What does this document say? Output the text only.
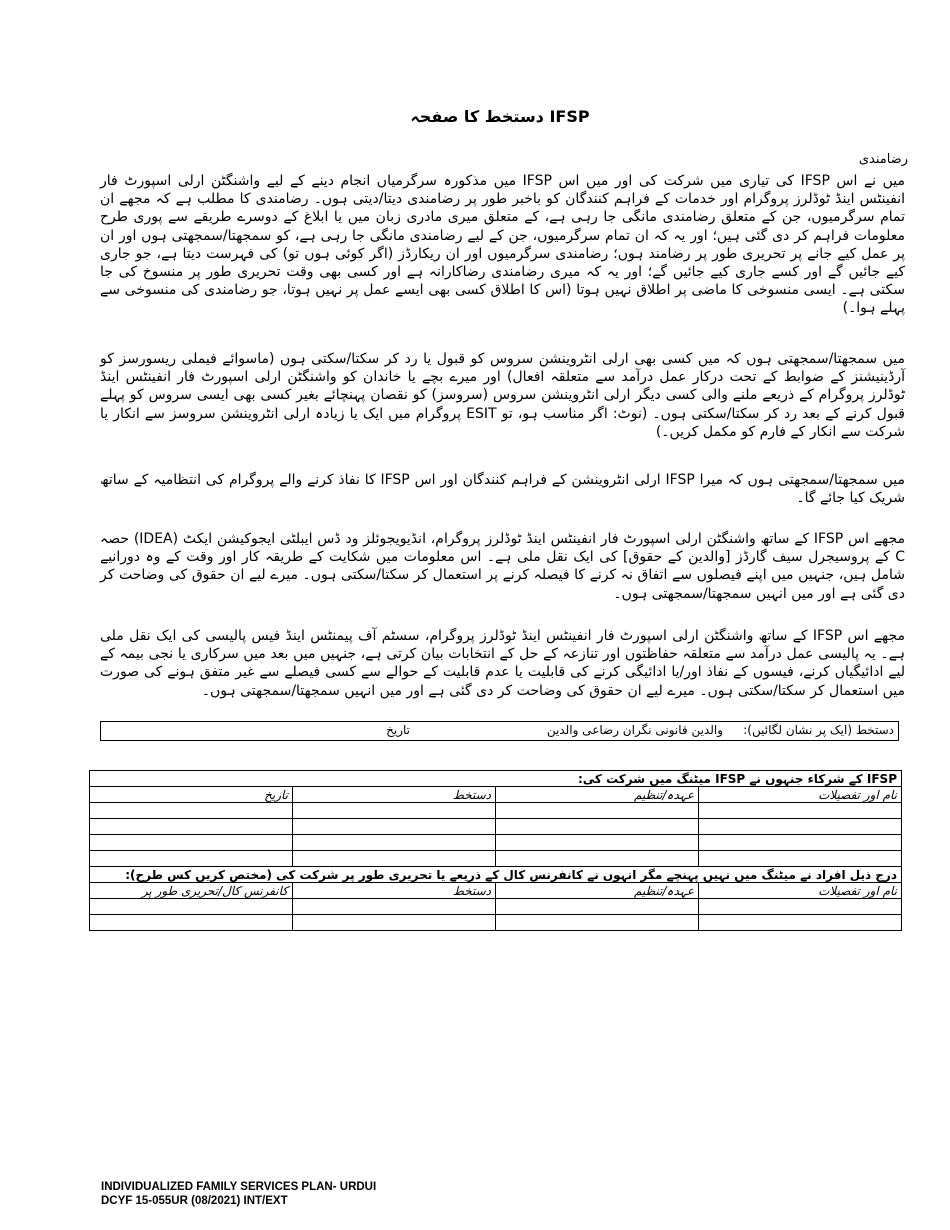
IFSP دستخط کا صفحہ
رضامندی

میں نے اس IFSP کی تیاری میں شرکت کی اور میں اس IFSP میں مذکورہ سرگرمیاں انجام دینے کے لیے واشنگٹن ارلی اسپورٹ فار انفینٹس اینڈ ٹوڈلرز پروگرام اور خدمات کے فراہم کنندگان کو باخبر طور پر رضامندی دیتا/دیتی ہوں۔ رضامندی کا مطلب ہے کہ مجھے ان تمام سرگرمیوں، جن کے متعلق رضامندی مانگی جا رہی ہے، کے متعلق میری مادری زبان میں یا ابلاغ کے دوسرے طریقے سے پوری طرح معلومات فراہم کر دی گئی ہیں؛ اور یہ کہ ان تمام سرگرمیوں، جن کے لیے رضامندی مانگی جا رہی ہے، کو سمجھتا/سمجھتی ہوں اور ان پر عمل کیے جانے پر تحریری طور پر رضامند ہوں؛ رضامندی سرگرمیوں اور ان ریکارڈز (اگر کوئی ہوں تو) کی فہرست دیتا ہے، جو جاری کیے جائیں گے اور کسے جاری کیے جائیں گے؛ اور یہ کہ میری رضامندی رضاکارانہ ہے اور کسی بھی وقت تحریری طور پر منسوخ کی جا سکتی ہے۔ ایسی منسوخی کا ماضی پر اطلاق نہیں ہوتا (اس کا اطلاق کسی بھی ایسے عمل پر نہیں ہوتا، جو رضامندی کی منسوخی سے پہلے ہوا۔)

میں سمجھتا/سمجھتی ہوں کہ میں کسی بھی ارلی انٹروینشن سروس کو قبول یا رد کر سکتا/سکتی ہوں (ماسوائے فیملی ریسورسز کو آرڈینیشنز کے ضوابط کے تحت درکار عمل درآمد سے متعلقہ افعال) اور میرے بچے یا خاندان کو واشنگٹن ارلی اسپورٹ فار انفینٹس اینڈ ٹوڈلرز پروگرام کے ذریعے ملنے والی کسی دیگر ارلی انٹروینشن سروس (سروسز) کو نقصان پہنچائے بغیر کسی بھی ایسی سروس کو پہلے قبول کرنے کے بعد رد کر سکتا/سکتی ہوں۔ (نوٹ: اگر مناسب ہو، تو ESIT پروگرام میں ایک یا زیادہ ارلی انٹروینشن سروسز سے انکار یا شرکت سے انکار کے فارم کو مکمل کریں۔)

میں سمجھتا/سمجھتی ہوں کہ میرا IFSP ارلی انٹروینشن کے فراہم کنندگان اور اس IFSP کا نفاذ کرنے والے پروگرام کی انتظامیہ کے ساتھ شریک کیا جائے گا۔

مجھے اس IFSP کے ساتھ واشنگٹن ارلی اسپورٹ فار انفینٹس اینڈ ٹوڈلرز پروگرام، انڈیویجوئلز ود ڈس ایبلٹی ایجوکیشن ایکٹ (IDEA) حصہ C کے پروسیجرل سیف گارڈز [والدین کے حقوق] کی ایک نقل ملی ہے۔ اس معلومات میں شکایت کے طریقہ کار اور وقت کے وہ دورانیے شامل ہیں، جنہیں میں اپنے فیصلوں سے اتفاق نہ کرنے کا فیصلہ کرنے پر استعمال کر سکتا/سکتی ہوں۔ میرے لیے ان حقوق کی وضاحت کر دی گئی ہے اور میں انہیں سمجھتا/سمجھتی ہوں۔

مجھے اس IFSP کے ساتھ واشنگٹن ارلی اسپورٹ فار انفینٹس اینڈ ٹوڈلرز پروگرام، سسٹم آف پیمنٹس اینڈ فیس پالیسی کی ایک نقل ملی ہے۔ یہ پالیسی عمل درآمد سے متعلقہ حفاظتوں اور تنازعہ کے حل کے انتخابات بیان کرتی ہے، جنہیں میں بعد میں سرکاری یا نجی بیمہ کے لیے ادائیگیاں کرنے، فیسوں کے نفاذ اور/یا ادائیگی کرنے کی قابلیت یا عدم قابلیت کے حوالے سے کسی فیصلے سے غیر متفق ہونے کی صورت میں استعمال کر سکتا/سکتی ہوں۔ میرے لیے ان حقوق کی وضاحت کر دی گئی ہے اور میں انہیں سمجھتا/سمجھتی ہوں۔

دستخط (ایک پر نشان لگائیں):
والدین قانونی نگران رضاعی والدین
تاریخ
IFSP کے شرکاء جنہوں نے IFSP میٹنگ میں شرکت کی:			
نام اور تفصیلات	عہدہ/تنظیم	دستخط	تاریخ

درج ذیل افراد نے میٹنگ میں نہیں پہنچے مگر انہوں نے کانفرنس کال کے ذریعے یا تحریری طور پر شرکت کی (مختص کریں کس طرح):			
نام اور تفصیلات	عہدہ/تنظیم	دستخط	کانفرنس کال/تحریری طور پر

INDIVIDUALIZED FAMILY SERVICES PLAN- URDUI
DCYF 15-055UR (08/2021) INT/EXT
